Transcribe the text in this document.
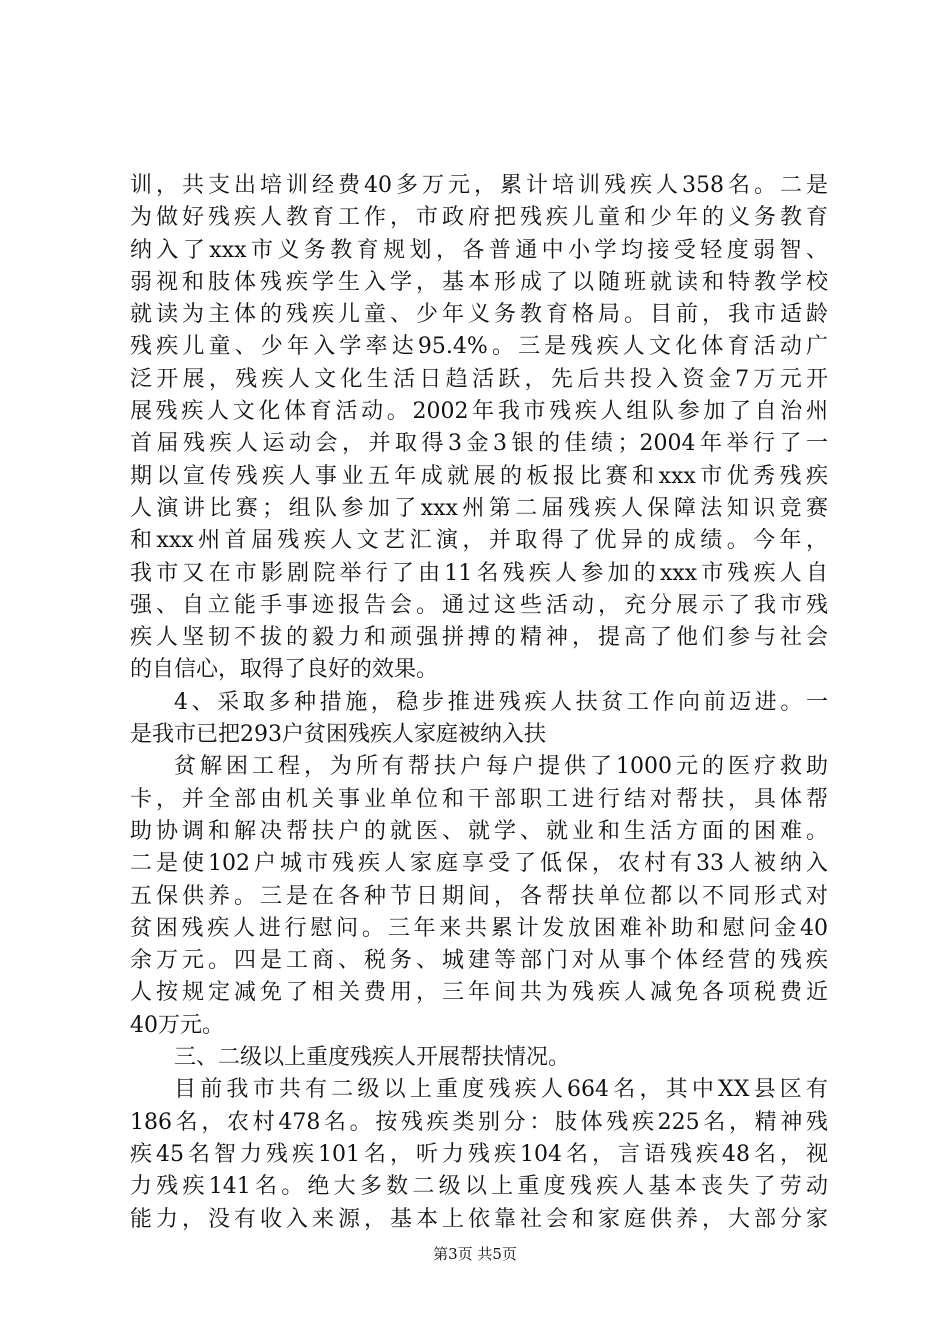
训，共支出培训经费40多万元，累计培训残疾人358名。二是
为做好残疾人教育工作，市政府把残疾儿童和少年的义务教育
纳入了xxx市义务教育规划，各普通中小学均接受轻度弱智、
弱视和肢体残疾学生入学，基本形成了以随班就读和特教学校
就读为主体的残疾儿童、少年义务教育格局。目前，我市适龄
残疾儿童、少年入学率达95.4%。三是残疾人文化体育活动广
泛开展，残疾人文化生活日趋活跃，先后共投入资金7万元开
展残疾人文化体育活动。2002年我市残疾人组队参加了自治州
首届残疾人运动会，并取得3金3银的佳绩；2004年举行了一
期以宣传残疾人事业五年成就展的板报比赛和xxx市优秀残疾
人演讲比赛；组队参加了xxx州第二届残疾人保障法知识竞赛
和xxx州首届残疾人文艺汇演，并取得了优异的成绩。今年，
我市又在市影剧院举行了由11名残疾人参加的xxx市残疾人自
强、自立能手事迹报告会。通过这些活动，充分展示了我市残
疾人坚韧不拔的毅力和顽强拼搏的精神，提高了他们参与社会
的自信心，取得了良好的效果。
4、采取多种措施，稳步推进残疾人扶贫工作向前迈进。一
是我市已把293户贫困残疾人家庭被纳入扶
贫解困工程，为所有帮扶户每户提供了1000元的医疗救助
卡，并全部由机关事业单位和干部职工进行结对帮扶，具体帮
助协调和解决帮扶户的就医、就学、就业和生活方面的困难。
二是使102户城市残疾人家庭享受了低保，农村有33人被纳入
五保供养。三是在各种节日期间，各帮扶单位都以不同形式对
贫困残疾人进行慰问。三年来共累计发放困难补助和慰问金40
余万元。四是工商、税务、城建等部门对从事个体经营的残疾
人按规定减免了相关费用，三年间共为残疾人减免各项税费近
40万元。
三、二级以上重度残疾人开展帮扶情况。
目前我市共有二级以上重度残疾人664名，其中XX县区有
186名，农村478名。按残疾类别分：肢体残疾225名，精神残
疾45名智力残疾101名，听力残疾104名，言语残疾48名，视
力残疾141名。绝大多数二级以上重度残疾人基本丧失了劳动
能力，没有收入来源，基本上依靠社会和家庭供养，大部分家
第3页 共5页
